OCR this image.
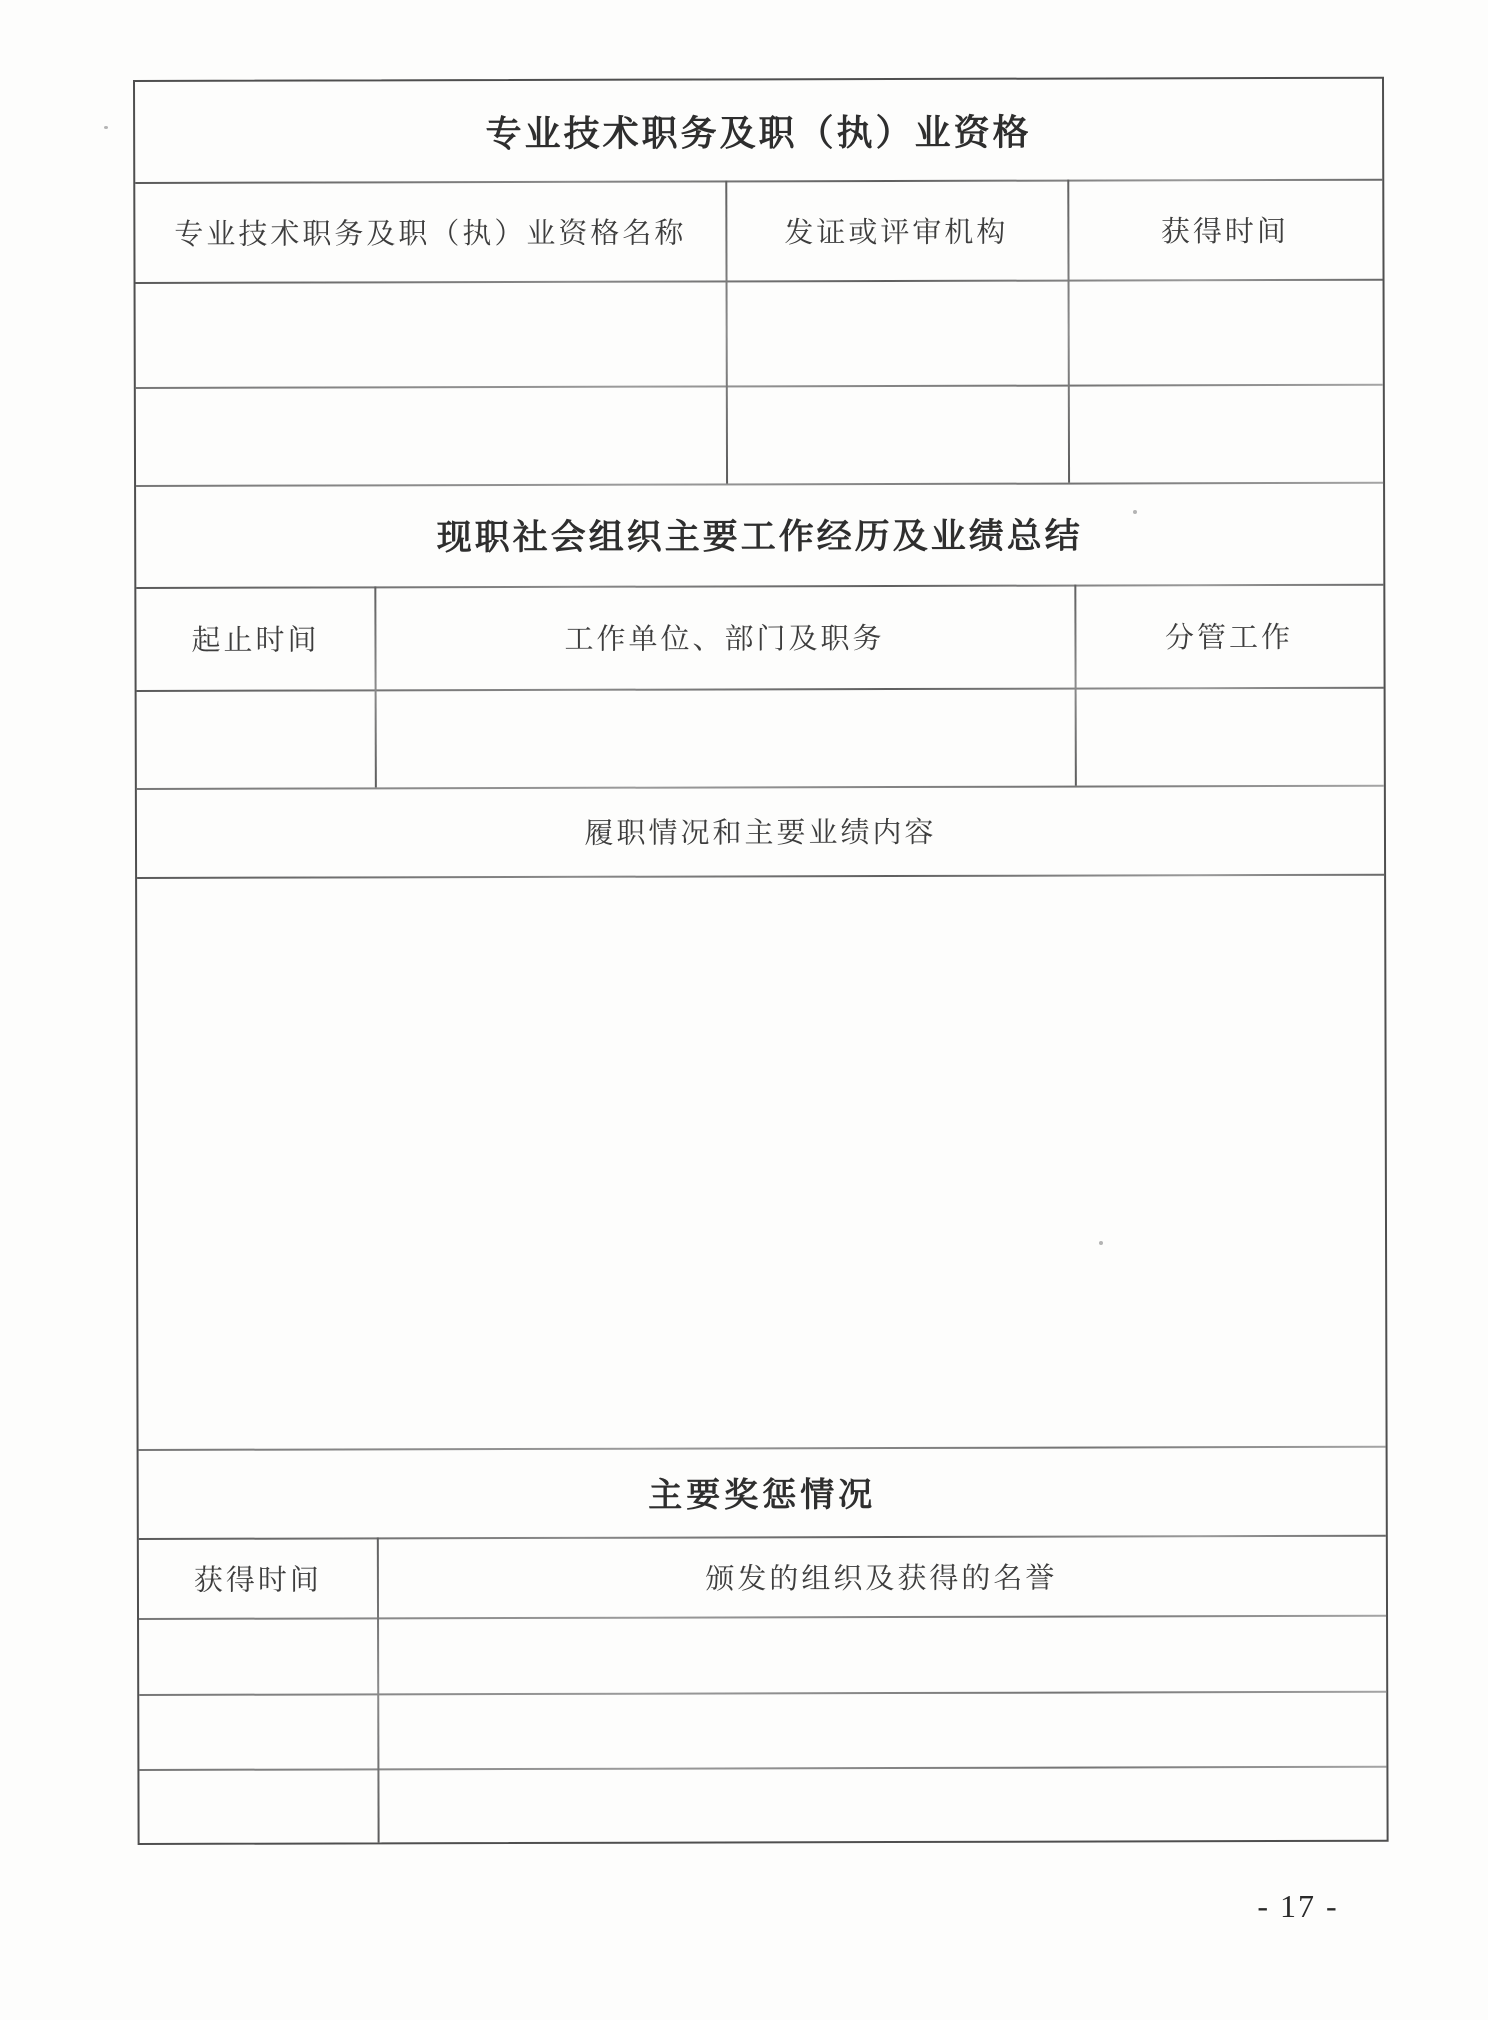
专业技术职务及职（执）业资格
专业技术职务及职（执）业资格名称	发证或评审机构	获得时间
现职社会组织主要工作经历及业绩总结
起止时间	工作单位、部门及职务	分管工作
履职情况和主要业绩内容
主要奖惩情况
获得时间	颁发的组织及获得的名誉
- 17 -
